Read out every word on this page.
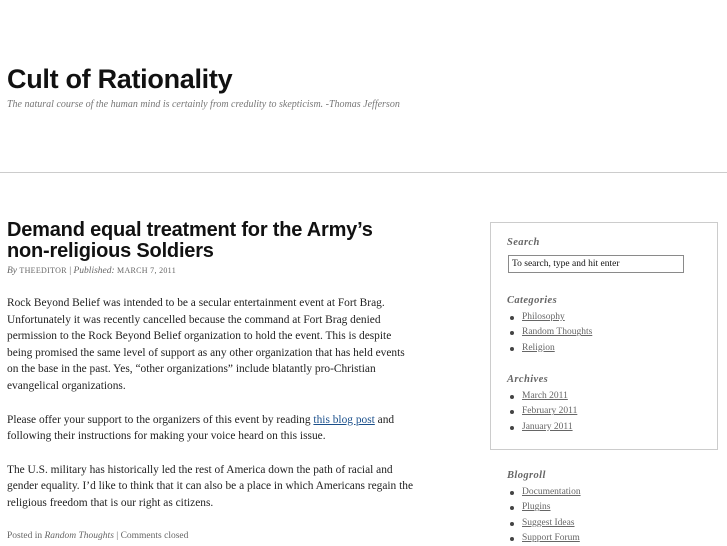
Cult of Rationality

The natural course of the human mind is certainly from credulity to skepticism. -Thomas Jefferson

Demand equal treatment for the Army’s non-religious Soldiers
By THEEDITOR | Published: MARCH 7, 2011

Rock Beyond Belief was intended to be a secular entertainment event at Fort Brag. Unfortunately it was recently cancelled because the command at Fort Brag denied permission to the Rock Beyond Belief organization to hold the event. This is despite being promised the same level of support as any other organization that has held events on the base in the past. Yes, “other organizations” include blatantly pro-Christian evangelical organizations.

Please offer your support to the organizers of this event by reading this blog post and following their instructions for making your voice heard on this issue.

The U.S. military has historically led the rest of America down the path of racial and gender equality. I’d like to think that it can also be a place in which Americans regain the religious freedom that is our right as citizens.

Posted in Random Thoughts | Comments closed
Search
To search, type and hit enter
Categories
Philosophy
Random Thoughts
Religion
Archives
March 2011
February 2011
January 2011
Blogroll
Documentation
Plugins
Suggest Ideas
Support Forum
